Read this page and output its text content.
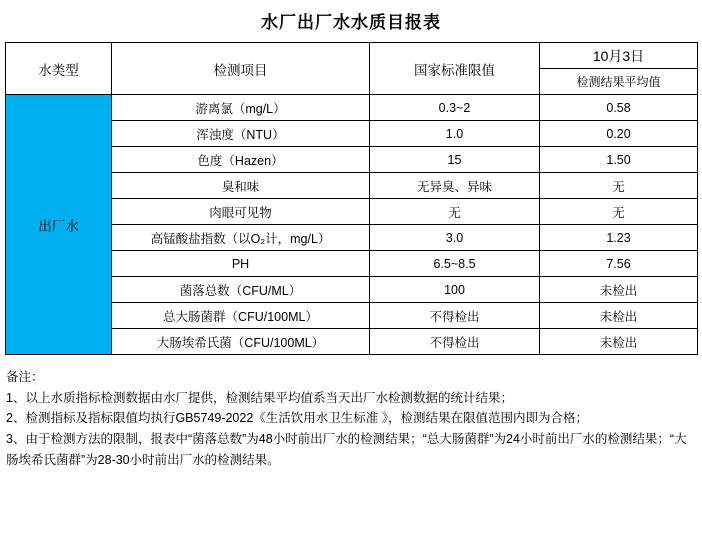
水厂出厂水水质目报表
水类型	检测项目	国家标准限值	10月3日
			检测结果平均值
出厂水	游离氯（mg/L）	0.3~2	0.58
	浑浊度（NTU）	1.0	0.20
	色度（Hazen）	15	1.50
	臭和味	无异臭、异味	无
	肉眼可见物	无	无
	高锰酸盐指数（以O₂计，mg/L）	3.0	1.23
	PH	6.5~8.5	7.56
	菌落总数（CFU/ML）	100	未检出
	总大肠菌群（CFU/100ML）	不得检出	未检出
	大肠埃希氏菌（CFU/100ML）	不得检出	未检出

备注：

1、以上水质指标检测数据由水厂提供，检测结果平均值系当天出厂水检测数据的统计结果；

2、检测指标及指标限值均执行GB5749-2022《生活饮用水卫生标准 》，检测结果在限值范围内即为合格；

3、由于检测方法的限制，报表中“菌落总数”为48小时前出厂水的检测结果；“总大肠菌群”为24小时前出厂水的检测结果；“大肠埃希氏菌群”为28-30小时前出厂水的检测结果。
